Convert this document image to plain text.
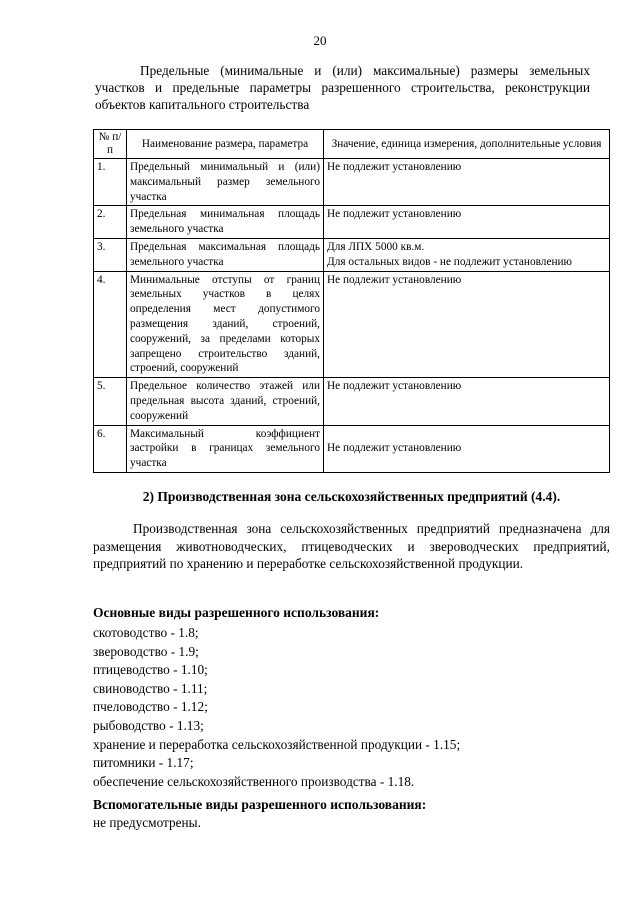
20
Предельные (минимальные и (или) максимальные) размеры земельных участков и предельные параметры разрешенного строительства, реконструкции объектов капитального строительства
№ п/п	Наименование размера, параметра	Значение, единица измерения, дополнительные условия
1.	Предельный минимальный и (или) максимальный размер земельного участка	Не подлежит установлению
2.	Предельная минимальная площадь земельного участка	Не подлежит установлению
3.	Предельная максимальная площадь земельного участка	Для ЛПХ 5000 кв.м.
Для остальных видов - не подлежит установлению

4.	Минимальные отступы от границ земельных участков в целях определения мест допустимого размещения зданий, строений, сооружений, за пределами которых запрещено строительство зданий, строений, сооружений	Не подлежит установлению
5.	Предельное количество этажей или предельная высота зданий, строений, сооружений	Не подлежит установлению
6.	Максимальный коэффициент застройки в границах земельного участка	Не подлежит установлению
2) Производственная зона сельскохозяйственных предприятий (4.4).
Производственная зона сельскохозяйственных предприятий предназначена для размещения животноводческих, птицеводческих и звероводческих предприятий, предприятий по хранению и переработке сельскохозяйственной продукции.
Основные виды разрешенного использования:
скотоводство - 1.8;
звероводство - 1.9;
птицеводство - 1.10;
свиноводство - 1.11;
пчеловодство - 1.12;
рыбоводство - 1.13;
хранение и переработка сельскохозяйственной продукции - 1.15;
питомники - 1.17;
обеспечение сельскохозяйственного производства - 1.18.
Вспомогательные виды разрешенного использования:
не предусмотрены.
